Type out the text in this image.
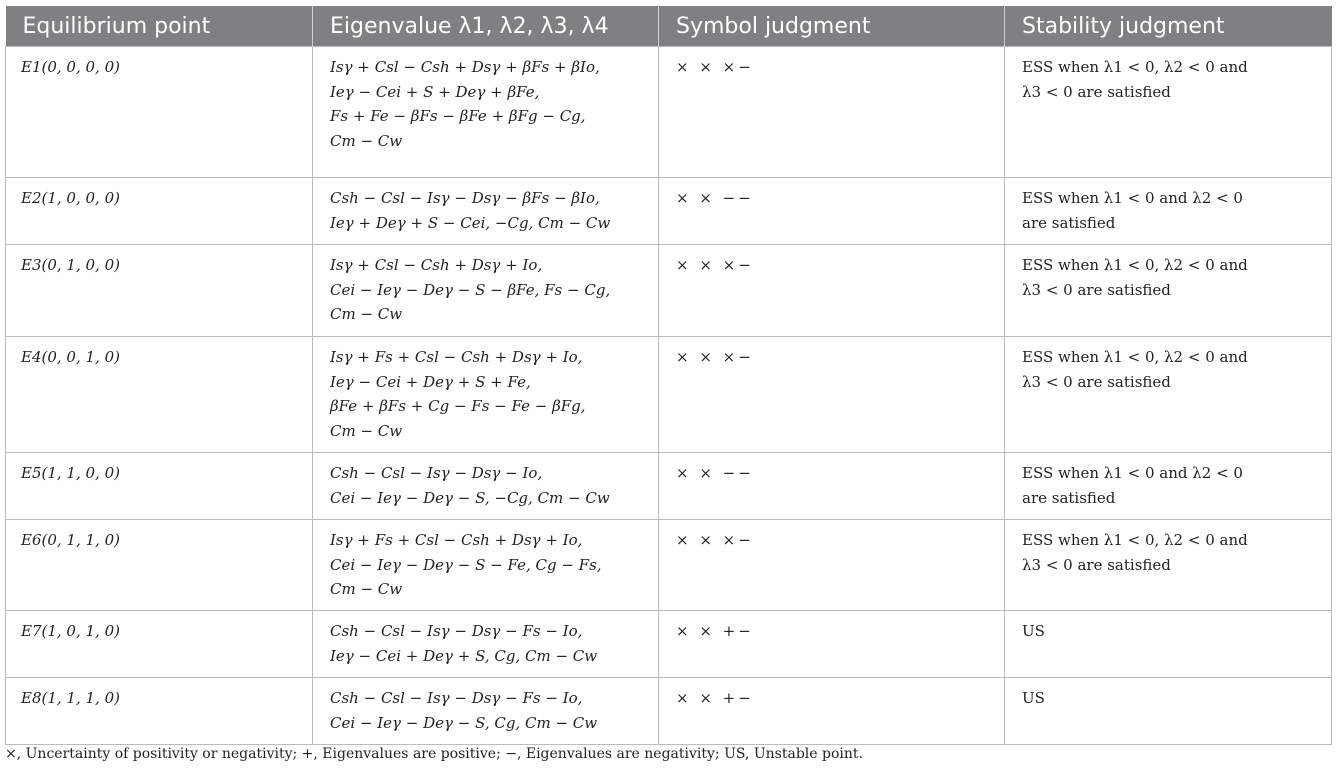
Equilibrium point	Eigenvalue λ1, λ2, λ3, λ4	Symbol judgment	Stability judgment
E1(0, 0, 0, 0)	Isγ + Csl − Csh + Dsγ + βFs + βIo,
Ieγ − Cei + S + Deγ + βFe,
Fs + Fe − βFs − βFe + βFg − Cg,
Cm − Cw	× × ×−	ESS when λ1 < 0, λ2 < 0 and
λ3 < 0 are satisfied

E2(1, 0, 0, 0)	Csh − Csl − Isγ − Dsγ − βFs − βIo,
Ieγ + Deγ + S − Cei, −Cg, Cm − Cw	× × −−	ESS when λ1 < 0 and λ2 < 0
are satisfied

E3(0, 1, 0, 0)	Isγ + Csl − Csh + Dsγ + Io,
Cei − Ieγ − Deγ − S − βFe, Fs − Cg,
Cm − Cw	× × ×−	ESS when λ1 < 0, λ2 < 0 and
λ3 < 0 are satisfied

E4(0, 0, 1, 0)	Isγ + Fs + Csl − Csh + Dsγ + Io,
Ieγ − Cei + Deγ + S + Fe,
βFe + βFs + Cg − Fs − Fe − βFg,
Cm − Cw	× × ×−	ESS when λ1 < 0, λ2 < 0 and
λ3 < 0 are satisfied

E5(1, 1, 0, 0)	Csh − Csl − Isγ − Dsγ − Io,
Cei − Ieγ − Deγ − S, −Cg, Cm − Cw	× × −−	ESS when λ1 < 0 and λ2 < 0
are satisfied

E6(0, 1, 1, 0)	Isγ + Fs + Csl − Csh + Dsγ + Io,
Cei − Ieγ − Deγ − S − Fe, Cg − Fs,
Cm − Cw	× × ×−	ESS when λ1 < 0, λ2 < 0 and
λ3 < 0 are satisfied

E7(1, 0, 1, 0)	Csh − Csl − Isγ − Dsγ − Fs − Io,
Ieγ − Cei + Deγ + S, Cg, Cm − Cw	× × +−	US

E8(1, 1, 1, 0)	Csh − Csl − Isγ − Dsγ − Fs − Io,
Cei − Ieγ − Deγ − S, Cg, Cm − Cw	× × +−	US
×, Uncertainty of positivity or negativity; +, Eigenvalues are positive; −, Eigenvalues are negativity; US, Unstable point.
